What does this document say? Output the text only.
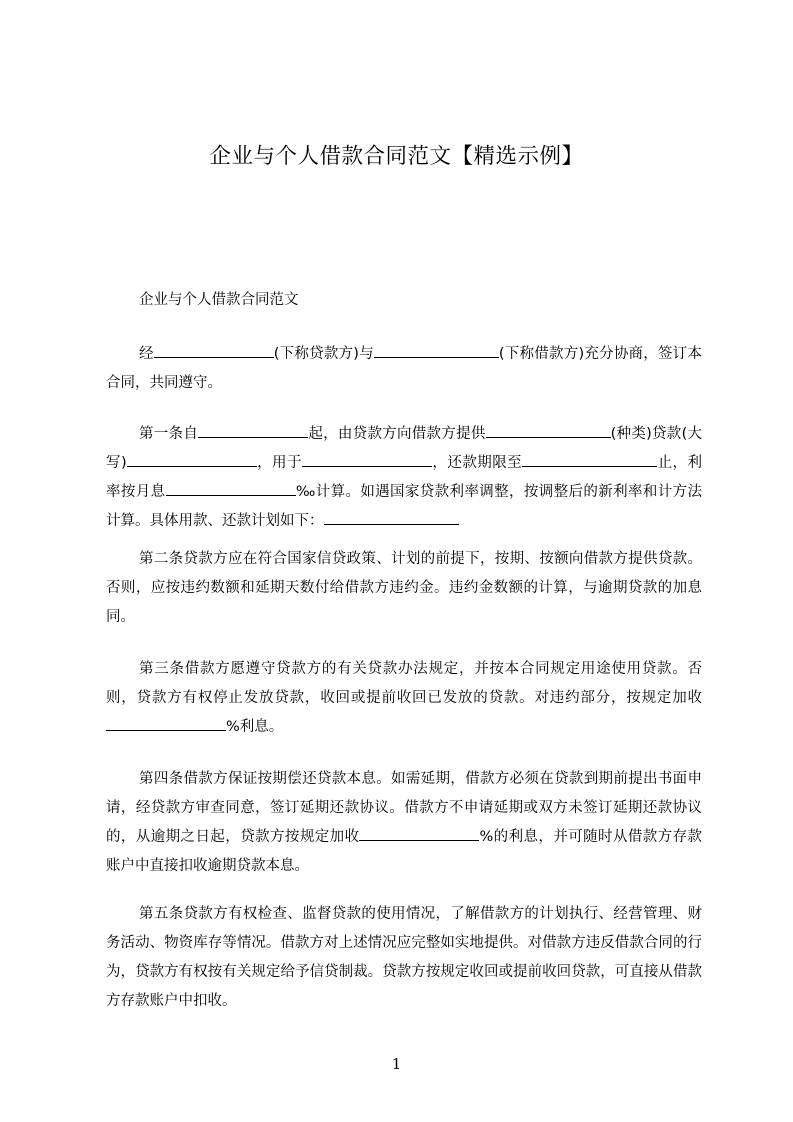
企业与个人借款合同范文【精选示例】
企业与个人借款合同范文
经	(下称贷款方)与	(下称借款方)充分协商，签订本合同，共同遵守。
第一条自	起，由贷款方向借款方提供	(种类)贷款(大写)	，用于	，还款期限至	止，利率按月息	‰计算。如遇国家贷款利率调整，按调整后的新利率和计方法计算。具体用款、还款计划如下：
第二条贷款方应在符合国家信贷政策、计划的前提下，按期、按额向借款方提供贷款。否则，应按违约数额和延期天数付给借款方违约金。违约金数额的计算，与逾期贷款的加息同。
第三条借款方愿遵守贷款方的有关贷款办法规定，并按本合同规定用途使用贷款。否则，贷款方有权停止发放贷款，收回或提前收回已发放的贷款。对违约部分，按规定加收%利息。
第四条借款方保证按期偿还贷款本息。如需延期，借款方必须在贷款到期前提出书面申请，经贷款方审查同意，签订延期还款协议。借款方不申请延期或双方未签订延期还款协议的，从逾期之日起，贷款方按规定加收	%的利息，并可随时从借款方存款账户中直接扣收逾期贷款本息。
第五条贷款方有权检查、监督贷款的使用情况，了解借款方的计划执行、经营管理、财务活动、物资库存等情况。借款方对上述情况应完整如实地提供。对借款方违反借款合同的行为，贷款方有权按有关规定给予信贷制裁。贷款方按规定收回或提前收回贷款，可直接从借款方存款账户中扣收。
1
